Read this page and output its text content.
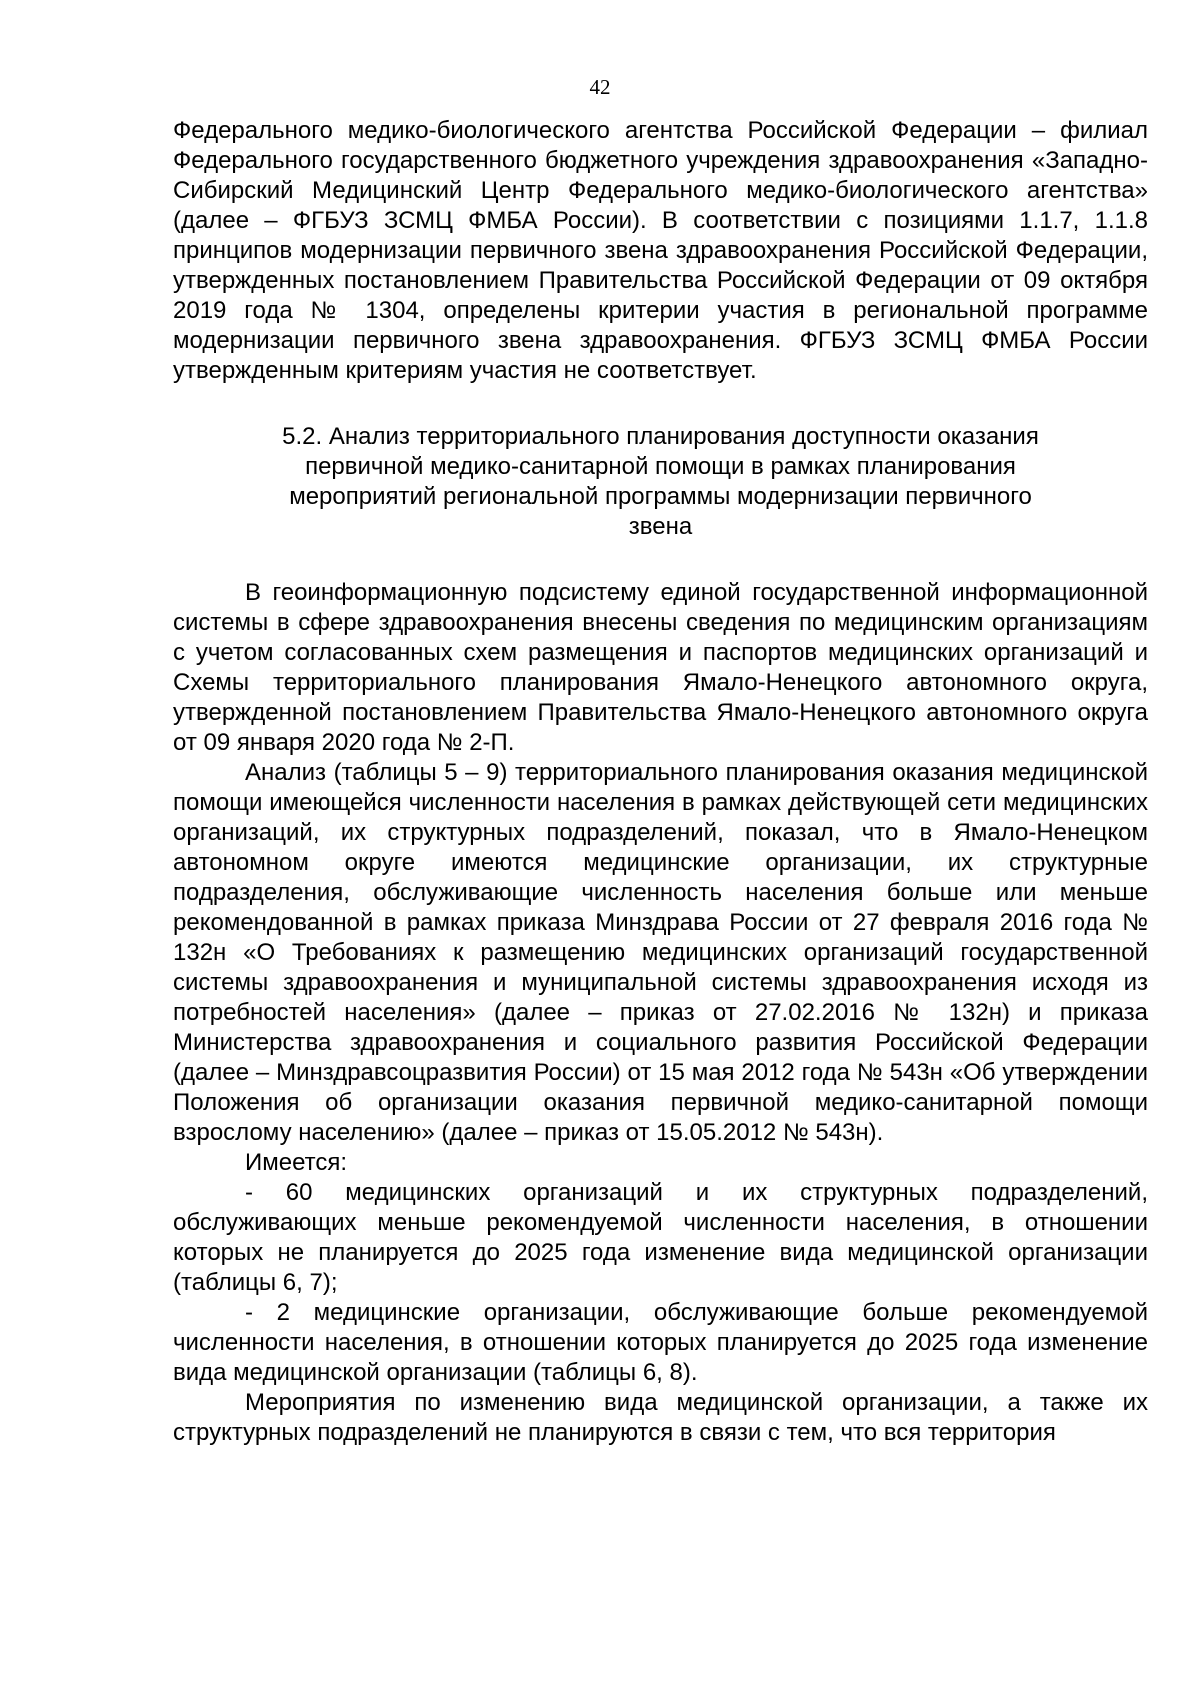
42

Федерального медико-биологического агентства Российской Федерации – филиал Федерального государственного бюджетного учреждения здравоохранения «Западно-Сибирский Медицинский Центр Федерального медико-биологического агентства» (далее – ФГБУЗ ЗСМЦ ФМБА России). В соответствии с позициями 1.1.7, 1.1.8 принципов модернизации первичного звена здравоохранения Российской Федерации, утвержденных постановлением Правительства Российской Федерации от 09 октября 2019 года № 1304, определены критерии участия в региональной программе модернизации первичного звена здравоохранения. ФГБУЗ ЗСМЦ ФМБА России утвержденным критериям участия не соответствует.

5.2. Анализ территориального планирования доступности оказания первичной медико-санитарной помощи в рамках планирования мероприятий региональной программы модернизации первичного звена

В геоинформационную подсистему единой государственной информационной системы в сфере здравоохранения внесены сведения по медицинским организациям с учетом согласованных схем размещения и паспортов медицинских организаций и Схемы территориального планирования Ямало-Ненецкого автономного округа, утвержденной постановлением Правительства Ямало-Ненецкого автономного округа от 09 января 2020 года № 2-П.

Анализ (таблицы 5 – 9) территориального планирования оказания медицинской помощи имеющейся численности населения в рамках действующей сети медицинских организаций, их структурных подразделений, показал, что в Ямало-Ненецком автономном округе имеются медицинские организации, их структурные подразделения, обслуживающие численность населения больше или меньше рекомендованной в рамках приказа Минздрава России от 27 февраля 2016 года № 132н «О Требованиях к размещению медицинских организаций государственной системы здравоохранения и муниципальной системы здравоохранения исходя из потребностей населения» (далее – приказ от 27.02.2016 № 132н) и приказа Министерства здравоохранения и социального развития Российской Федерации (далее – Минздравсоцразвития России) от 15 мая 2012 года № 543н «Об утверждении Положения об организации оказания первичной медико-санитарной помощи взрослому населению» (далее – приказ от 15.05.2012 № 543н).

Имеется:

- 60 медицинских организаций и их структурных подразделений, обслуживающих меньше рекомендуемой численности населения, в отношении которых не планируется до 2025 года изменение вида медицинской организации (таблицы 6, 7);

- 2 медицинские организации, обслуживающие больше рекомендуемой численности населения, в отношении которых планируется до 2025 года изменение вида медицинской организации (таблицы 6, 8).

Мероприятия по изменению вида медицинской организации, а также их структурных подразделений не планируются в связи с тем, что вся территория
